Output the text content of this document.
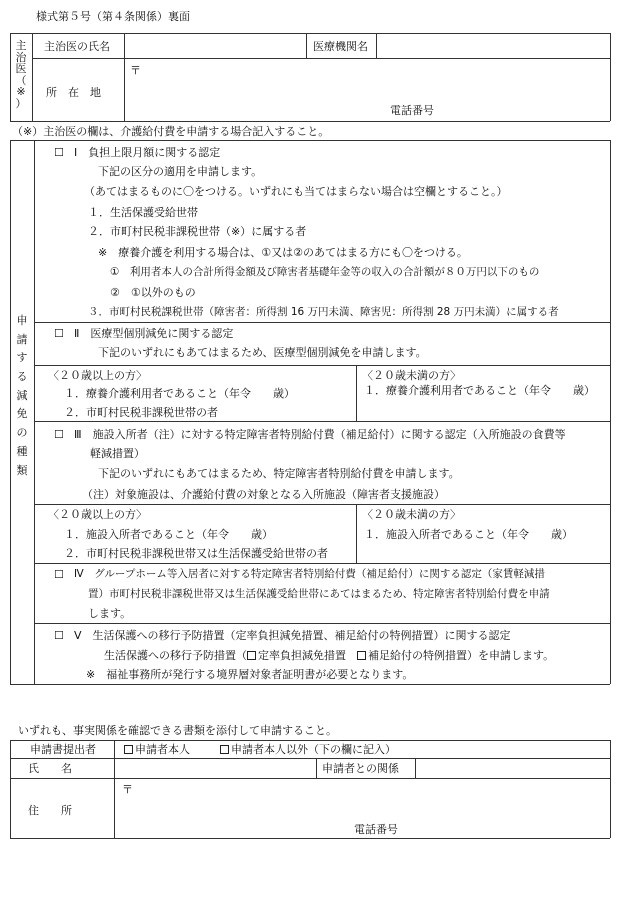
様式第５号（第４条関係）裏面
主
治
医
（
※
）
主治医の氏名	医療機関名
所　在　地
〒
電話番号
（※）主治医の欄は、介護給付費を申請する場合記入すること。
申
請
す
る
減
免
の
種
類
☐ Ⅰ　負担上限月額に関する認定
下記の区分の適用を申請します。
（あてはまるものに〇をつける。いずれにも当てはまらない場合は空欄とすること。）
１．生活保護受給世帯
２．市町村民税非課税世帯（※）に属する者
※　療養介護を利用する場合は、①又は②のあてはまる方にも〇をつける。
①　利用者本人の合計所得金額及び障害者基礎年金等の収入の合計額が８０万円以下のもの
②　①以外のもの
３．市町村民税課税世帯（障害者：所得割 16 万円未満、障害児：所得割 28 万円未満）に属する者
☐ Ⅱ　医療型個別減免に関する認定
下記のいずれにもあてはまるため、医療型個別減免を申請します。
〈２０歳以上の方〉
１．療養介護利用者であること（年令　　歳）
２．市町村民税非課税世帯の者
〈２０歳未満の方〉
１．療養介護利用者であること（年令　　歳）
☐ Ⅲ　施設入所者（注）に対する特定障害者特別給付費（補足給付）に関する認定（入所施設の食費等
軽減措置）
下記のいずれにもあてはまるため、特定障害者特別給付費を申請します。
（注）対象施設は、介護給付費の対象となる入所施設（障害者支援施設）
〈２０歳以上の方〉
１．施設入所者であること（年令　　歳）
２．市町村民税非課税世帯又は生活保護受給世帯の者
〈２０歳未満の方〉
１．施設入所者であること（年令　　歳）
☐ Ⅳ　グループホーム等入居者に対する特定障害者特別給付費（補足給付）に関する認定（家賃軽減措
置）市町村民税非課税世帯又は生活保護受給世帯にあてはまるため、特定障害者特別給付費を申請
します。
☐ Ⅴ　生活保護への移行予防措置（定率負担減免措置、補足給付の特例措置）に関する認定
生活保護への移行予防措置（ 定率負担減免措置　 補足給付の特例措置）を申請します。
※　福祉事務所が発行する境界層対象者証明書が必要となります。
いずれも、事実関係を確認できる書類を添付して申請すること。
申請書提出者	申請者本人	申請者本人以外（下の欄に記入）
氏　　名	申請者との関係
住　　所
〒
電話番号
